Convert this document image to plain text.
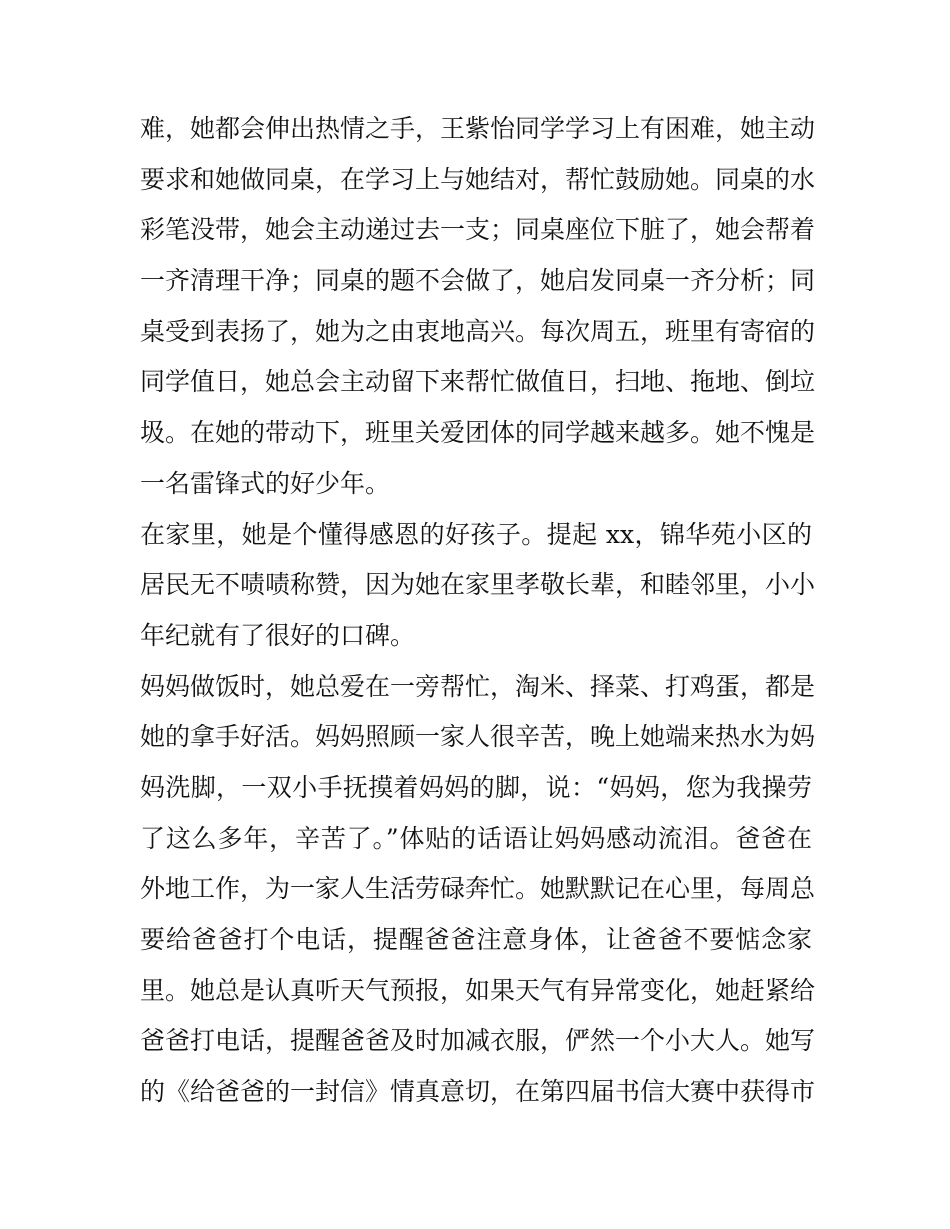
难，她都会伸出热情之手，王紫怡同学学习上有困难，她主动
要求和她做同桌，在学习上与她结对，帮忙鼓励她。同桌的水
彩笔没带，她会主动递过去一支；同桌座位下脏了，她会帮着
一齐清理干净；同桌的题不会做了，她启发同桌一齐分析；同
桌受到表扬了，她为之由衷地高兴。每次周五，班里有寄宿的
同学值日，她总会主动留下来帮忙做值日，扫地、拖地、倒垃
圾。在她的带动下，班里关爱团体的同学越来越多。她不愧是
一名雷锋式的好少年。
在家里，她是个懂得感恩的好孩子。提起 xx，锦华苑小区的
居民无不啧啧称赞，因为她在家里孝敬长辈，和睦邻里，小小
年纪就有了很好的口碑。
妈妈做饭时，她总爱在一旁帮忙，淘米、择菜、打鸡蛋，都是
她的拿手好活。妈妈照顾一家人很辛苦，晚上她端来热水为妈
妈洗脚，一双小手抚摸着妈妈的脚，说：“妈妈，您为我操劳
了这么多年，辛苦了。”体贴的话语让妈妈感动流泪。爸爸在
外地工作，为一家人生活劳碌奔忙。她默默记在心里，每周总
要给爸爸打个电话，提醒爸爸注意身体，让爸爸不要惦念家
里。她总是认真听天气预报，如果天气有异常变化，她赶紧给
爸爸打电话，提醒爸爸及时加减衣服，俨然一个小大人。她写
的《给爸爸的一封信》情真意切，在第四届书信大赛中获得市
